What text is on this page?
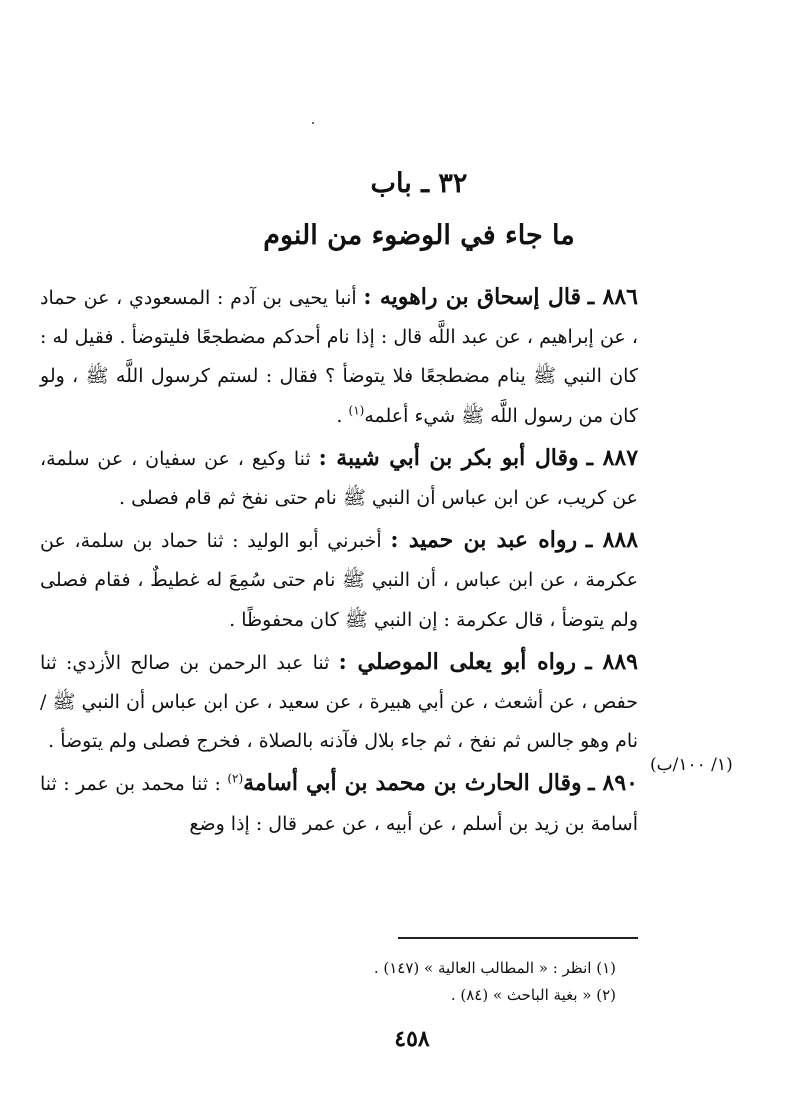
٣٢ ـ باب
ما جاء في الوضوء من النوم

٨٨٦ ـ قال إسحاق بن راهويه : أنبا يحيى بن آدم : المسعودي ، عن حماد ، عن إبراهيم ، عن عبد اللَّه قال : إذا نام أحدكم مضطجعًا فليتوضأ . فقيل له : كان النبي ﷺ ينام مضطجعًا فلا يتوضأ ؟ فقال : لستم كرسول اللَّه ﷺ ، ولو كان من رسول اللَّه ﷺ شيء أعلمه$^{(١)}$ .

٨٨٧ ـ وقال أبو بكر بن أبي شيبة : ثنا وكيع ، عن سفيان ، عن سلمة، عن كريب، عن ابن عباس أن النبي ﷺ نام حتى نفخ ثم قام فصلى .

٨٨٨ ـ رواه عبد بن حميد : أخبرني أبو الوليد : ثنا حماد بن سلمة، عن عكرمة ، عن ابن عباس ، أن النبي ﷺ نام حتى سُمِعَ له غطيطٌ ، فقام فصلى ولم يتوضأ ، قال عكرمة : إن النبي ﷺ كان محفوظًا .

٨٨٩ ـ رواه أبو يعلى الموصلي : ثنا عبد الرحمن بن صالح الأزدي: ثنا حفص ، عن أشعث ، عن أبي هبيرة ، عن سعيد ، عن ابن عباس أن النبي ﷺ /نام وهو جالس ثم نفخ ، ثم جاء بلال فآذنه بالصلاة ، فخرج فصلى ولم يتوضأ .

٨٩٠ ـ وقال الحارث بن محمد بن أبي أسامة$^{(٢)}$ : ثنا محمد بن عمر : ثنا أسامة بن زيد بن أسلم ، عن أبيه ، عن عمر قال : إذا وضع

(١/ ١٠٠/ب)
(١) انظر : « المطالب العالية » (١٤٧) .
(٢) « بغية الباحث » (٨٤) .
٤٥٨
